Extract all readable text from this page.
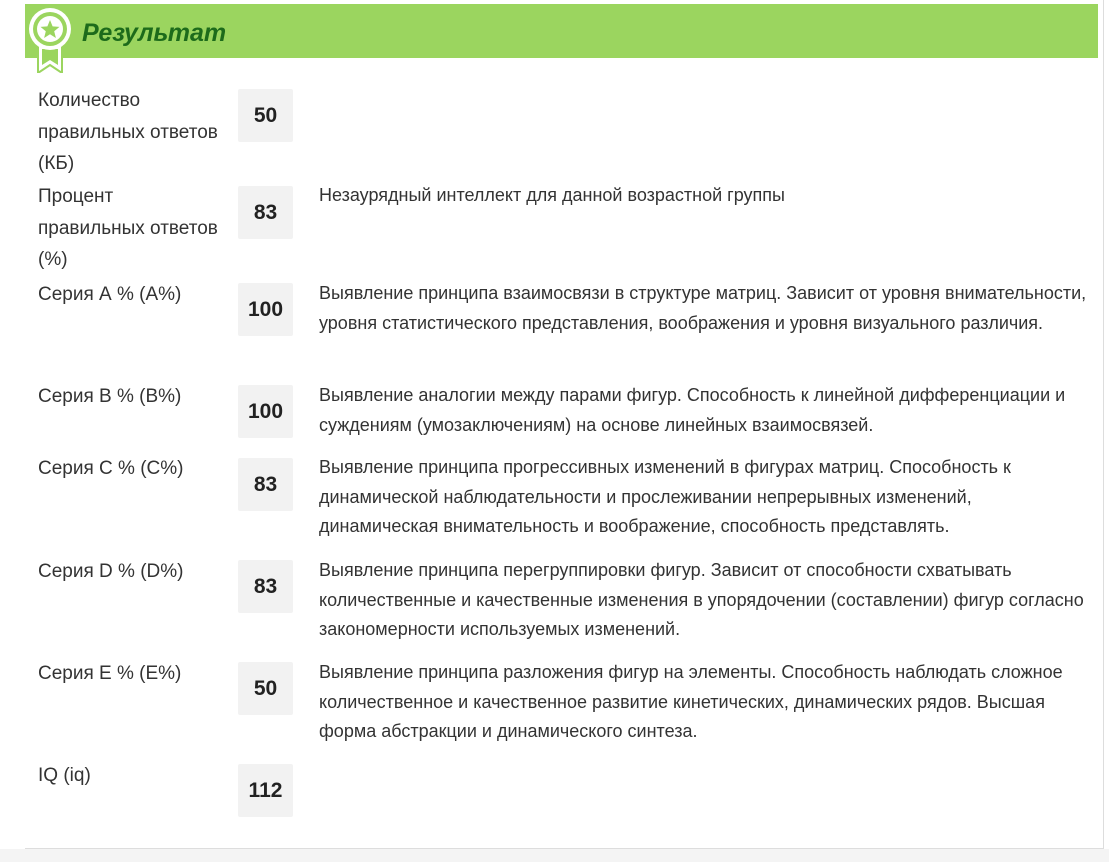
Результат
Количество правильных ответов (КБ)
50
Процент правильных ответов (%)
83
Незаурядный интеллект для данной возрастной группы
Серия А % (A%)
100
Выявление принципа взаимосвязи в структуре матриц. Зависит от уровня внимательности, уровня статистического представления, воображения и уровня визуального различия.
Серия B % (B%)
100
Выявление аналогии между парами фигур. Способность к линейной дифференциации и суждениям (умозаключениям) на основе линейных взаимосвязей.
Серия C % (C%)
83
Выявление принципа прогрессивных изменений в фигурах матриц. Способность к динамической наблюдательности и прослеживании непрерывных изменений, динамическая внимательность и воображение, способность представлять.
Серия D % (D%)
83
Выявление принципа перегруппировки фигур. Зависит от способности схватывать количественные и качественные изменения в упорядочении (составлении) фигур согласно закономерности используемых изменений.
Серия E % (E%)
50
Выявление принципа разложения фигур на элементы. Способность наблюдать сложное количественное и качественное развитие кинетических, динамических рядов. Высшая форма абстракции и динамического синтеза.
IQ (iq)
112
